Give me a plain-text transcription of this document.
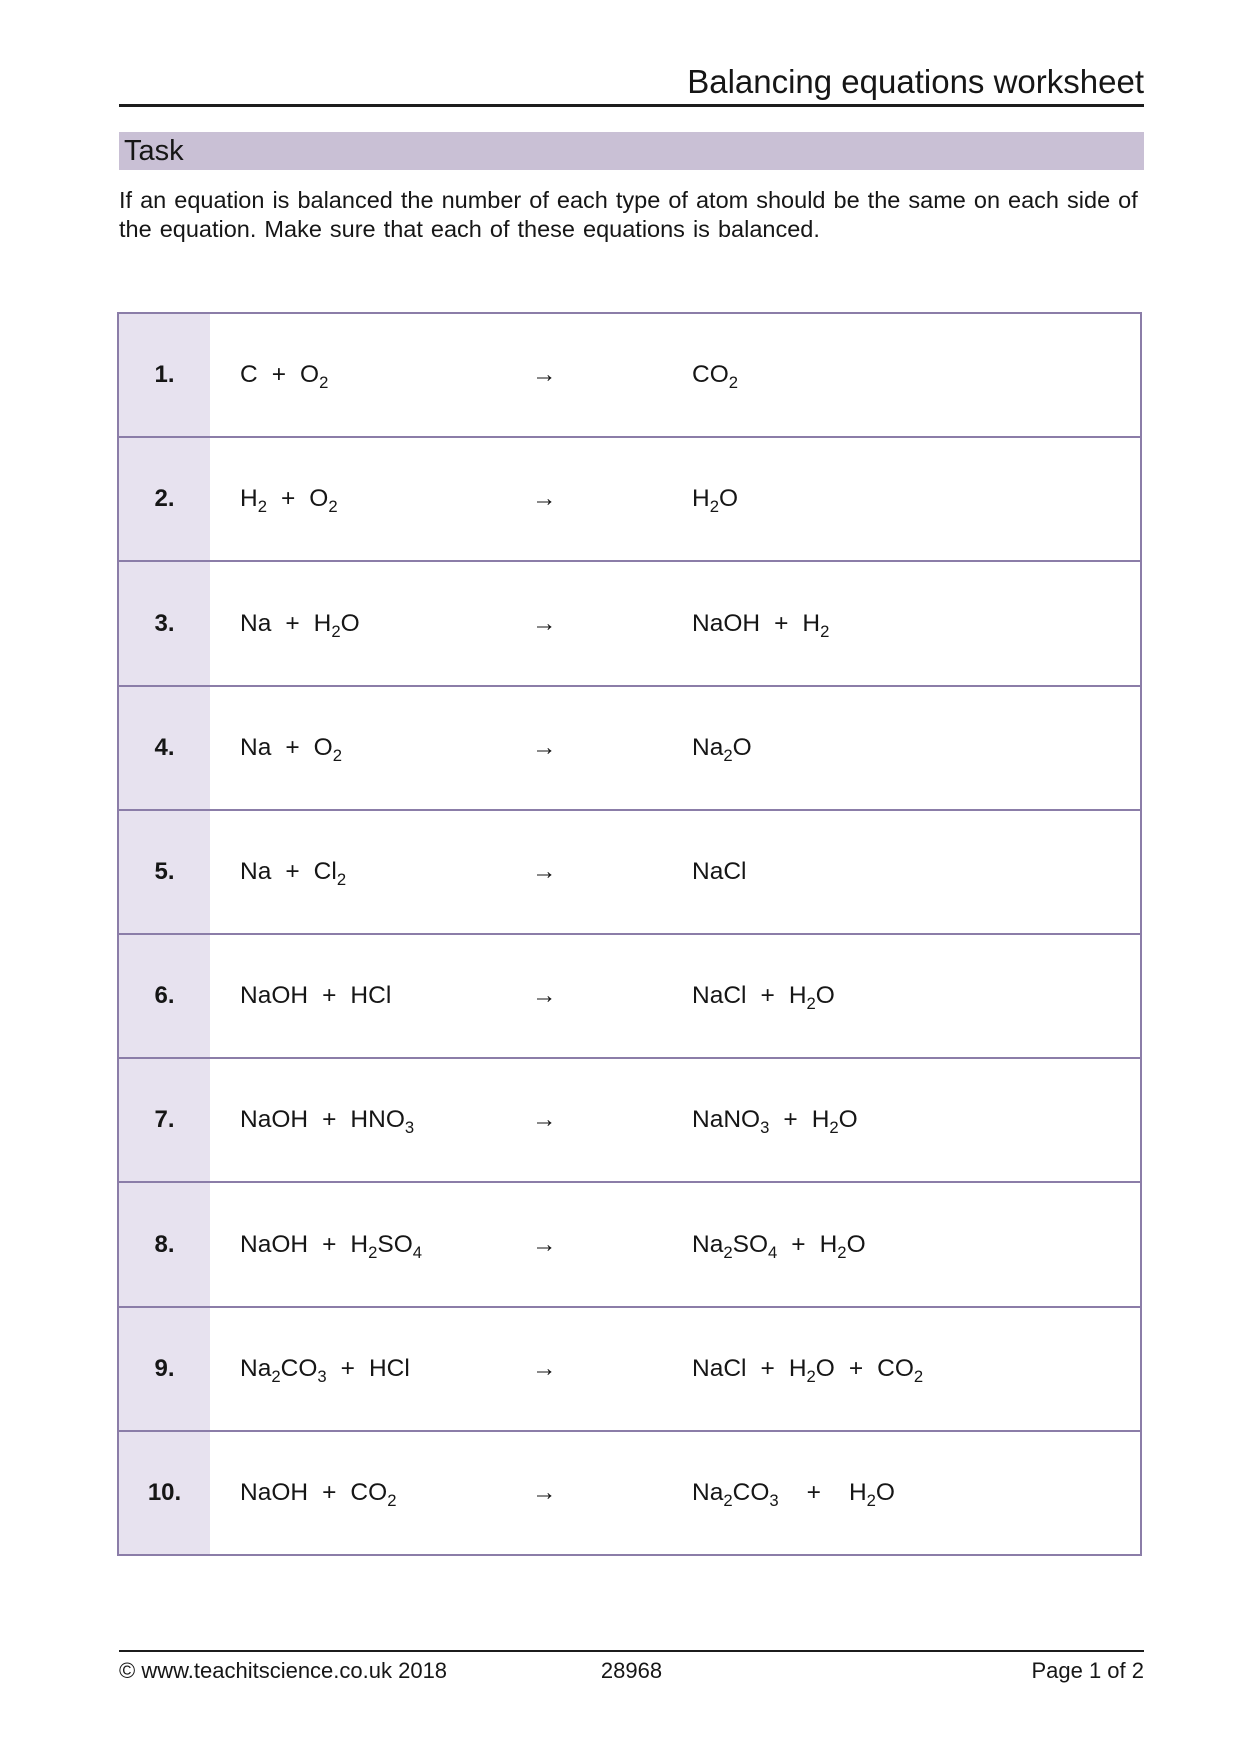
Balancing equations worksheet
Task

If an equation is balanced the number of each type of atom should be the same on each side of the equation. Make sure that each of these equations is balanced.

1.	$C + O_2$	→	$CO_2$
2.	$H_2 + O_2$	→	$H_2O$
3.	$Na + H_2O$	→	NaOH + $H_2$
4.	$Na + O_2$	→	$Na_2O$
5.	$Na + Cl_2$	→	NaCl
6.	NaOH + HCl	→	NaCl + $H_2O$
7.	NaOH + $HNO_3$	→	NaNO$_3$ + $H_2O$
8.	NaOH + $H_2SO_4$	→	$Na_2SO_4 + H_2O$
9.	$Na_2CO_3$ + HCl	→	NaCl + $H_2O + CO_2$
10.	NaOH + $CO_2$	→	$Na_2CO_3 + H_2O$
© www.teachitscience.co.uk 2018	28968	Page 1 of 2
